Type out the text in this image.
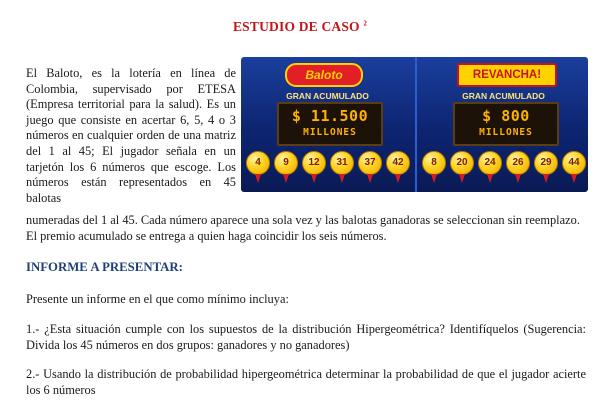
ESTUDIO DE CASO $^2$
El Baloto, es la lotería en línea de Colombia, supervisado por ETESA (Empresa territorial para la salud). Es un juego que consiste en acertar 6, 5, 4 o 3 números en cualquier orden de una matriz del 1 al 45; El jugador señala en un tarjetón los 6 números que escoge. Los números están representados en 45 balotas
Baloto
GRAN ACUMULADO
$ 11.500
MILLONES
4	9	12	31	37	42
REVANCHA!
GRAN ACUMULADO
$ 800
MILLONES
8	20	24	26	29	44
numeradas del 1 al 45. Cada número aparece una sola vez y las balotas ganadoras se seleccionan sin reemplazo. El premio acumulado se entrega a quien haga coincidir los seis números.
INFORME A PRESENTAR:
Presente un informe en el que como mínimo incluya:
1.- ¿Esta situación cumple con los supuestos de la distribución Hipergeométrica? Identifíquelos (Sugerencia: Divida los 45 números en dos grupos: ganadores y no ganadores)
2.- Usando la distribución de probabilidad hipergeométrica determinar la probabilidad de que el jugador acierte los 6 números
